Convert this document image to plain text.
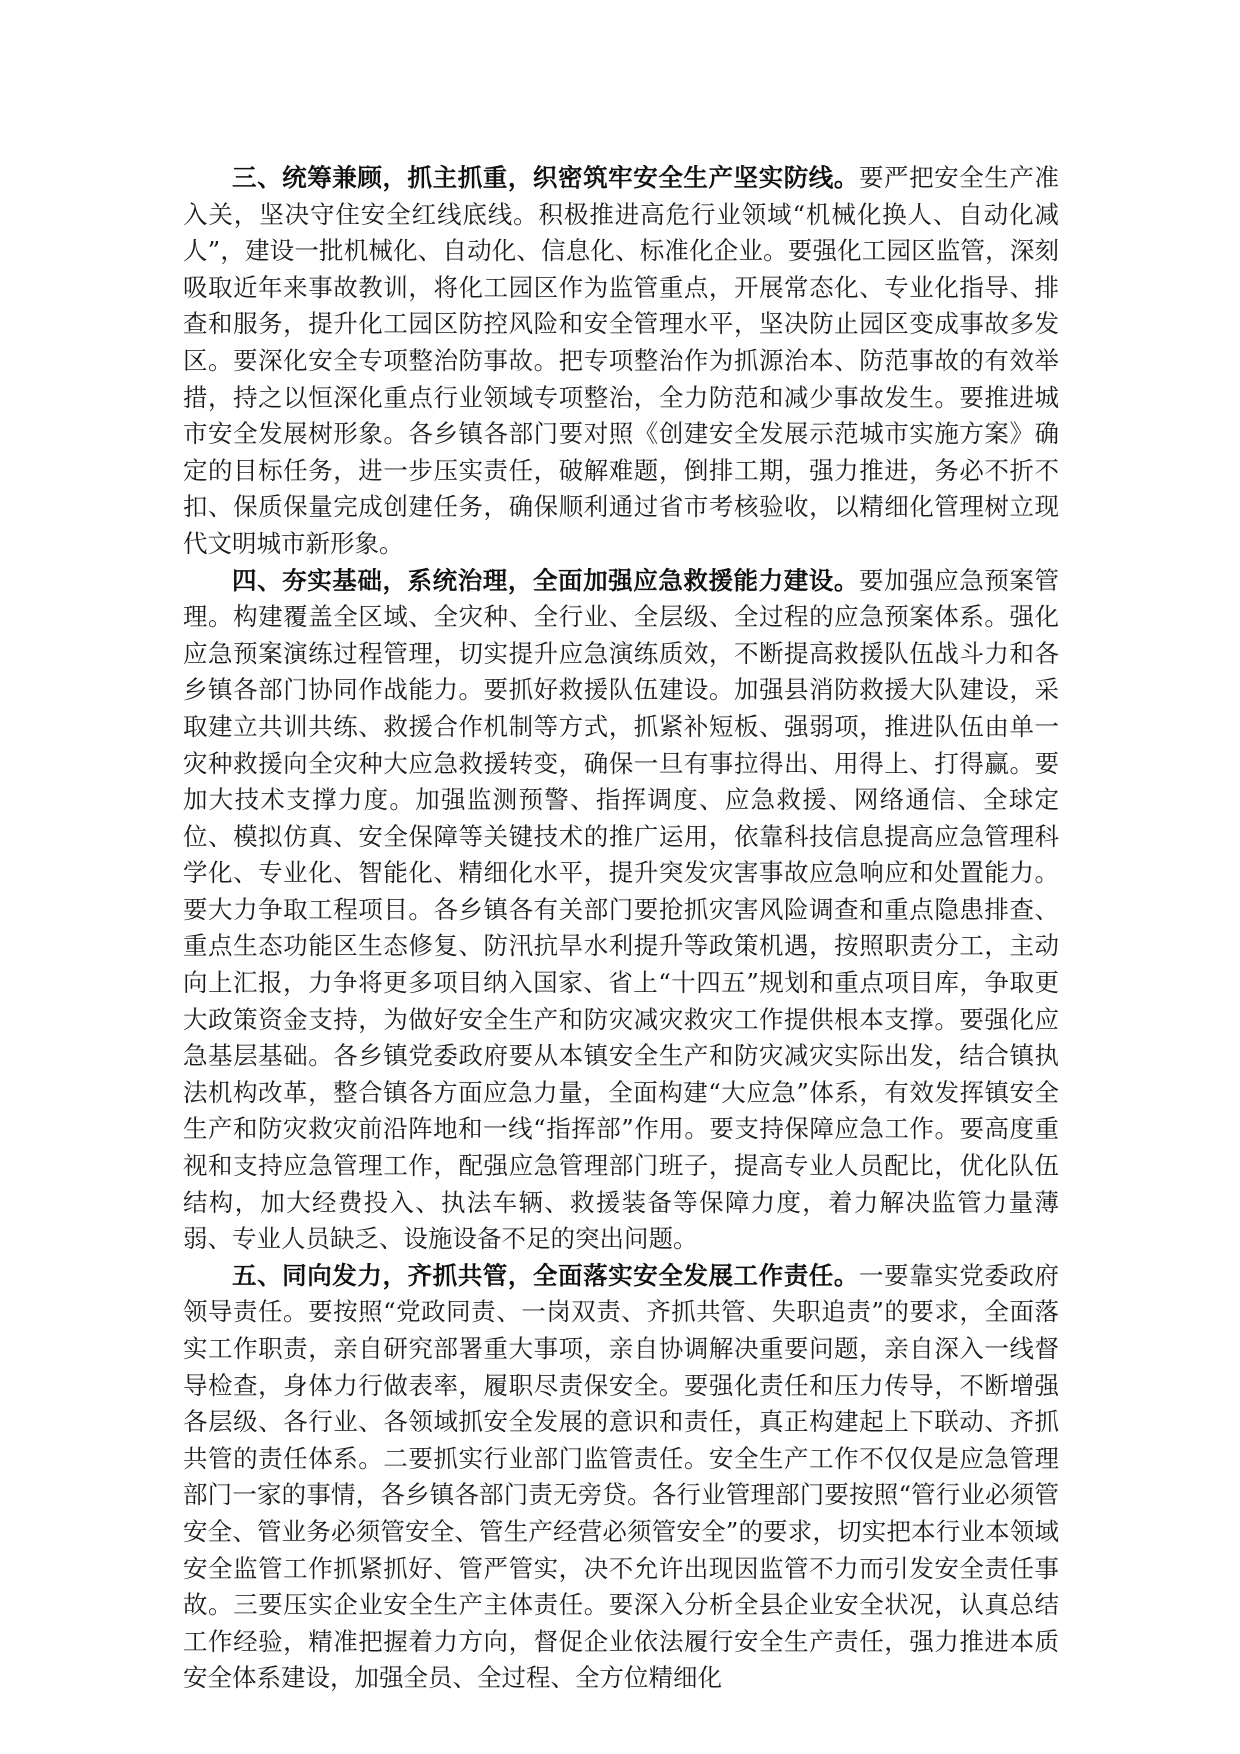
三、统筹兼顾，抓主抓重，织密筑牢安全生产坚实防线。要严把安全生产准入关，坚决守住安全红线底线。积极推进高危行业领域“机械化换人、自动化减人”，建设一批机械化、自动化、信息化、标准化企业。要强化工园区监管，深刻吸取近年来事故教训，将化工园区作为监管重点，开展常态化、专业化指导、排查和服务，提升化工园区防控风险和安全管理水平，坚决防止园区变成事故多发区。要深化安全专项整治防事故。把专项整治作为抓源治本、防范事故的有效举措，持之以恒深化重点行业领域专项整治，全力防范和减少事故发生。要推进城市安全发展树形象。各乡镇各部门要对照《创建安全发展示范城市实施方案》确定的目标任务，进一步压实责任，破解难题，倒排工期，强力推进，务必不折不扣、保质保量完成创建任务，确保顺利通过省市考核验收，以精细化管理树立现代文明城市新形象。

四、夯实基础，系统治理，全面加强应急救援能力建设。要加强应急预案管理。构建覆盖全区域、全灾种、全行业、全层级、全过程的应急预案体系。强化应急预案演练过程管理，切实提升应急演练质效，不断提高救援队伍战斗力和各乡镇各部门协同作战能力。要抓好救援队伍建设。加强县消防救援大队建设，采取建立共训共练、救援合作机制等方式，抓紧补短板、强弱项，推进队伍由单一灾种救援向全灾种大应急救援转变，确保一旦有事拉得出、用得上、打得赢。要加大技术支撑力度。加强监测预警、指挥调度、应急救援、网络通信、全球定位、模拟仿真、安全保障等关键技术的推广运用，依靠科技信息提高应急管理科学化、专业化、智能化、精细化水平，提升突发灾害事故应急响应和处置能力。要大力争取工程项目。各乡镇各有关部门要抢抓灾害风险调查和重点隐患排查、重点生态功能区生态修复、防汛抗旱水利提升等政策机遇，按照职责分工，主动向上汇报，力争将更多项目纳入国家、省上“十四五”规划和重点项目库，争取更大政策资金支持，为做好安全生产和防灾减灾救灾工作提供根本支撑。要强化应急基层基础。各乡镇党委政府要从本镇安全生产和防灾减灾实际出发，结合镇执法机构改革，整合镇各方面应急力量，全面构建“大应急”体系，有效发挥镇安全生产和防灾救灾前沿阵地和一线“指挥部”作用。要支持保障应急工作。要高度重视和支持应急管理工作，配强应急管理部门班子，提高专业人员配比，优化队伍结构，加大经费投入、执法车辆、救援装备等保障力度，着力解决监管力量薄弱、专业人员缺乏、设施设备不足的突出问题。

五、同向发力，齐抓共管，全面落实安全发展工作责任。一要靠实党委政府领导责任。要按照“党政同责、一岗双责、齐抓共管、失职追责”的要求，全面落实工作职责，亲自研究部署重大事项，亲自协调解决重要问题，亲自深入一线督导检查，身体力行做表率，履职尽责保安全。要强化责任和压力传导，不断增强各层级、各行业、各领域抓安全发展的意识和责任，真正构建起上下联动、齐抓共管的责任体系。二要抓实行业部门监管责任。安全生产工作不仅仅是应急管理部门一家的事情，各乡镇各部门责无旁贷。各行业管理部门要按照“管行业必须管安全、管业务必须管安全、管生产经营必须管安全”的要求，切实把本行业本领域安全监管工作抓紧抓好、管严管实，决不允许出现因监管不力而引发安全责任事故。三要压实企业安全生产主体责任。要深入分析全县企业安全状况，认真总结工作经验，精准把握着力方向，督促企业依法履行安全生产责任，强力推进本质安全体系建设，加强全员、全过程、全方位精细化
